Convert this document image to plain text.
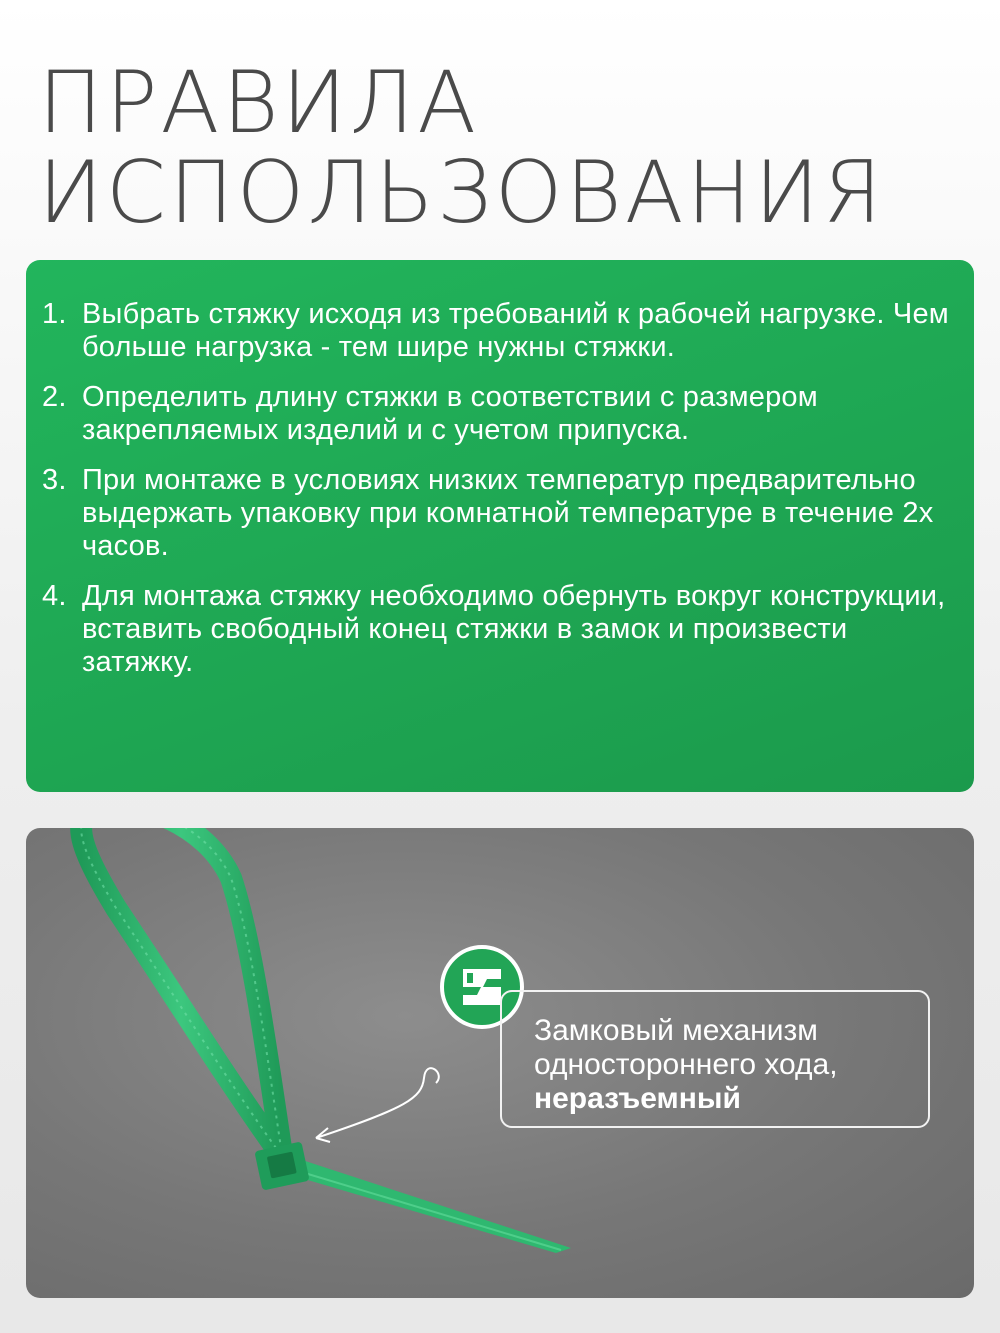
ПРАВИЛА
ИСПОЛЬЗОВАНИЯ
1. Выбрать стяжку исходя из требований к рабочей нагрузке. Чем больше нагрузка - тем шире нужны стяжки.
2. Определить длину стяжки в соответствии с размером закрепляемых изделий и с учетом припуска.
3. При монтаже в условиях низких температур предварительно выдержать упаковку при комнатной температуре в течение 2х часов.
4. Для монтажа стяжку необходимо обернуть вокруг конструкции, вставить свободный конец стяжки в замок и произвести затяжку.
Замковый механизм
одностороннего хода,
неразъемный
